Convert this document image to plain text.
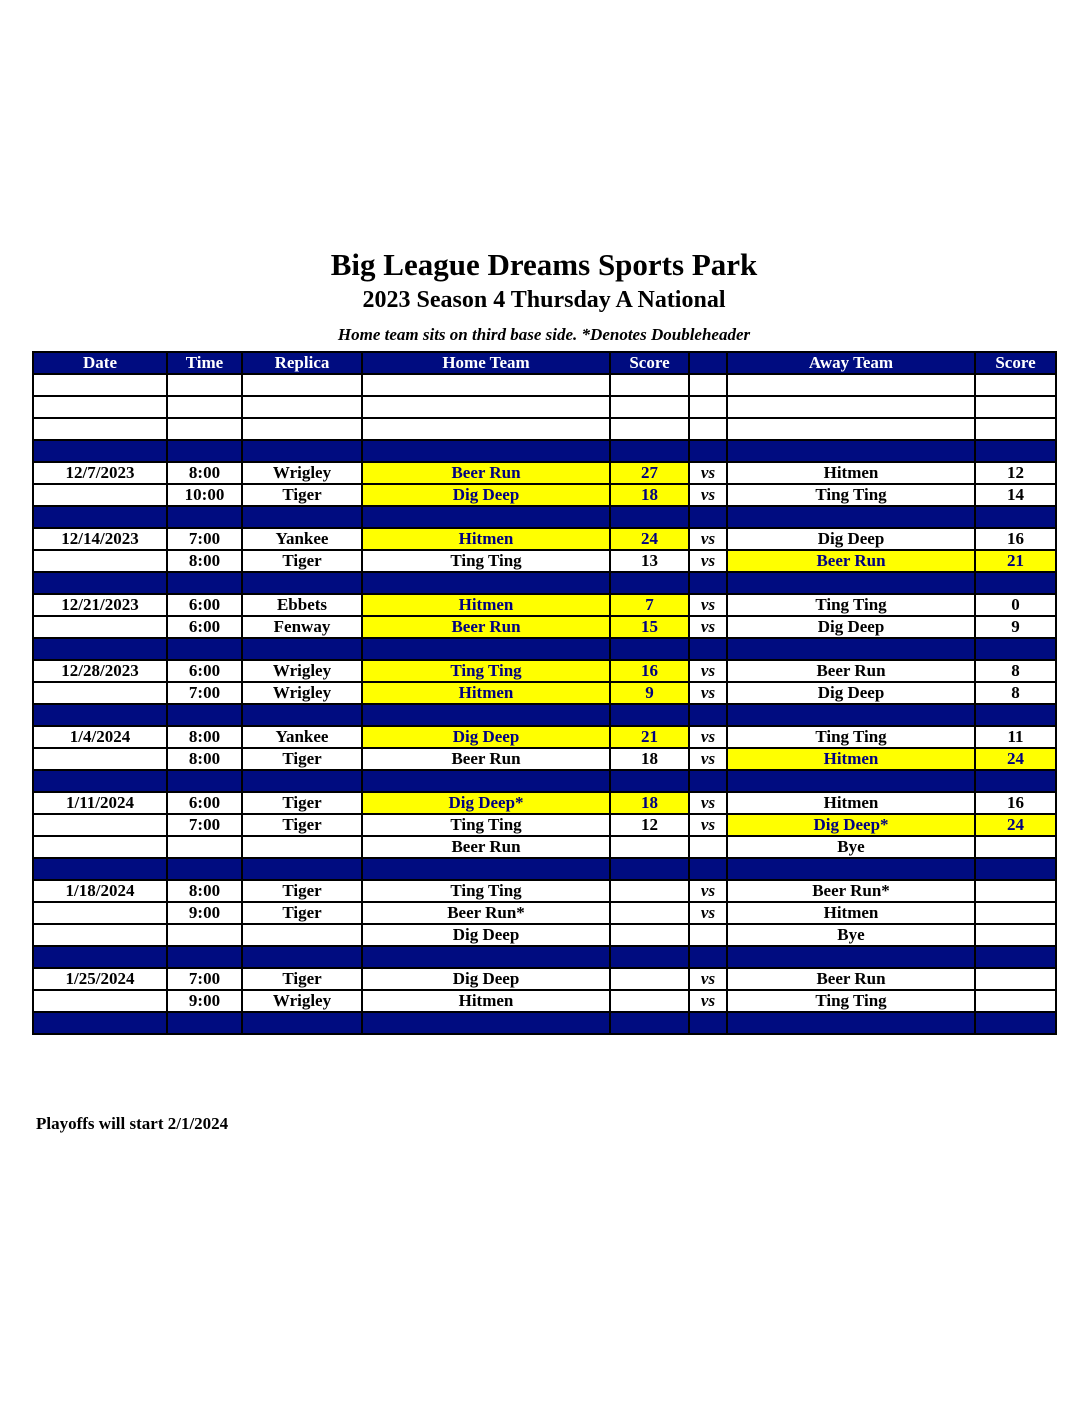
Big League Dreams Sports Park
2023 Season 4 Thursday A National
Home team sits on third base side. *Denotes Doubleheader
Date	Time	Replica	Home Team	Score		Away Team	Score

12/7/2023	8:00	Wrigley	Beer Run	27	vs	Hitmen	12
	10:00	Tiger	Dig Deep	18	vs	Ting Ting	14

12/14/2023	7:00	Yankee	Hitmen	24	vs	Dig Deep	16
	8:00	Tiger	Ting Ting	13	vs	Beer Run	21

12/21/2023	6:00	Ebbets	Hitmen	7	vs	Ting Ting	0
	6:00	Fenway	Beer Run	15	vs	Dig Deep	9

12/28/2023	6:00	Wrigley	Ting Ting	16	vs	Beer Run	8
	7:00	Wrigley	Hitmen	9	vs	Dig Deep	8

1/4/2024	8:00	Yankee	Dig Deep	21	vs	Ting Ting	11
	8:00	Tiger	Beer Run	18	vs	Hitmen	24

1/11/2024	6:00	Tiger	Dig Deep*	18	vs	Hitmen	16
	7:00	Tiger	Ting Ting	12	vs	Dig Deep*	24
			Beer Run			Bye	

1/18/2024	8:00	Tiger	Ting Ting		vs	Beer Run*	
	9:00	Tiger	Beer Run*		vs	Hitmen	
			Dig Deep			Bye	

1/25/2024	7:00	Tiger	Dig Deep		vs	Beer Run	
	9:00	Wrigley	Hitmen		vs	Ting Ting	

Playoffs will start 2/1/2024
